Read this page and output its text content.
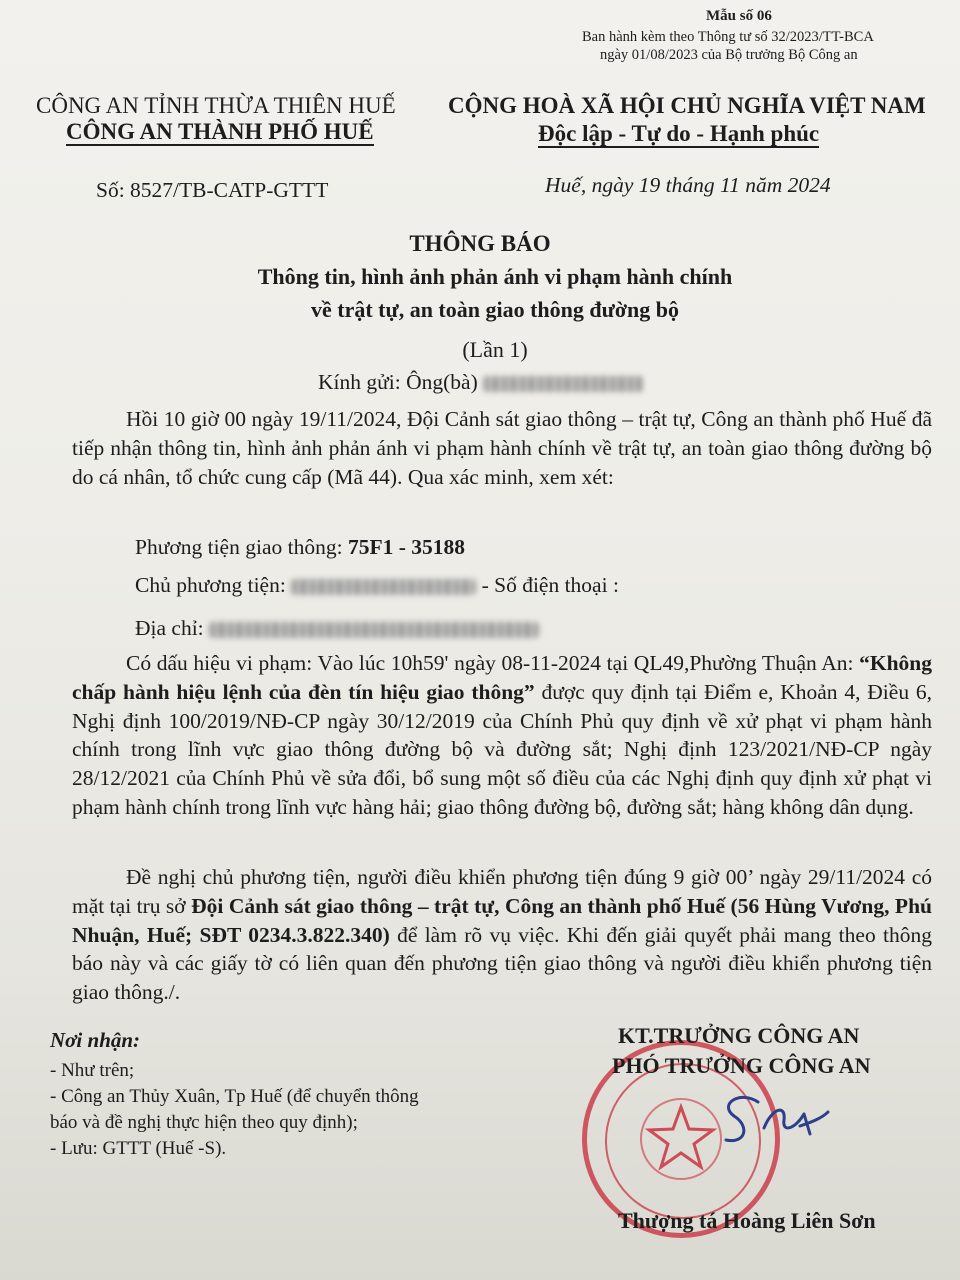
Mẫu số 06
Ban hành kèm theo Thông tư số 32/2023/TT-BCA
ngày 01/08/2023 của Bộ trưởng Bộ Công an
CÔNG AN TỈNH THỪA THIÊN HUẾ
CÔNG AN THÀNH PHỐ HUẾ
Số: 8527/TB-CATP-GTTT
CỘNG HOÀ XÃ HỘI CHỦ NGHĨA VIỆT NAM
Độc lập - Tự do - Hạnh phúc
Huế, ngày 19 tháng 11 năm 2024
THÔNG BÁO
Thông tin, hình ảnh phản ánh vi phạm hành chính
về trật tự, an toàn giao thông đường bộ
(Lần 1)
Kính gửi: Ông(bà)
Hồi 10 giờ 00 ngày 19/11/2024, Đội Cảnh sát giao thông – trật tự, Công an thành phố Huế đã tiếp nhận thông tin, hình ảnh phản ánh vi phạm hành chính về trật tự, an toàn giao thông đường bộ do cá nhân, tổ chức cung cấp (Mã 44). Qua xác minh, xem xét:
Phương tiện giao thông: 75F1 - 35188
Chủ phương tiện:	- Số điện thoại :
Địa chỉ:
Có dấu hiệu vi phạm: Vào lúc 10h59' ngày 08-11-2024 tại QL49,Phường Thuận An: “Không chấp hành hiệu lệnh của đèn tín hiệu giao thông” được quy định tại Điểm e, Khoản 4, Điều 6, Nghị định 100/2019/NĐ-CP ngày 30/12/2019 của Chính Phủ quy định về xử phạt vi phạm hành chính trong lĩnh vực giao thông đường bộ và đường sắt; Nghị định 123/2021/NĐ-CP ngày 28/12/2021 của Chính Phủ về sửa đổi, bổ sung một số điều của các Nghị định quy định xử phạt vi phạm hành chính trong lĩnh vực hàng hải; giao thông đường bộ, đường sắt; hàng không dân dụng.
Đề nghị chủ phương tiện, người điều khiển phương tiện đúng 9 giờ 00’ ngày 29/11/2024 có mặt tại trụ sở Đội Cảnh sát giao thông – trật tự, Công an thành phố Huế (56 Hùng Vương, Phú Nhuận, Huế; SĐT 0234.3.822.340) để làm rõ vụ việc. Khi đến giải quyết phải mang theo thông báo này và các giấy tờ có liên quan đến phương tiện giao thông và người điều khiển phương tiện giao thông./.
Nơi nhận:
- Như trên;
- Công an Thủy Xuân, Tp Huế (để chuyển thông
báo và đề nghị thực hiện theo quy định);
- Lưu: GTTT (Huế -S).
KT.TRƯỞNG CÔNG AN
PHÓ TRƯỞNG CÔNG AN
Thượng tá Hoàng Liên Sơn
